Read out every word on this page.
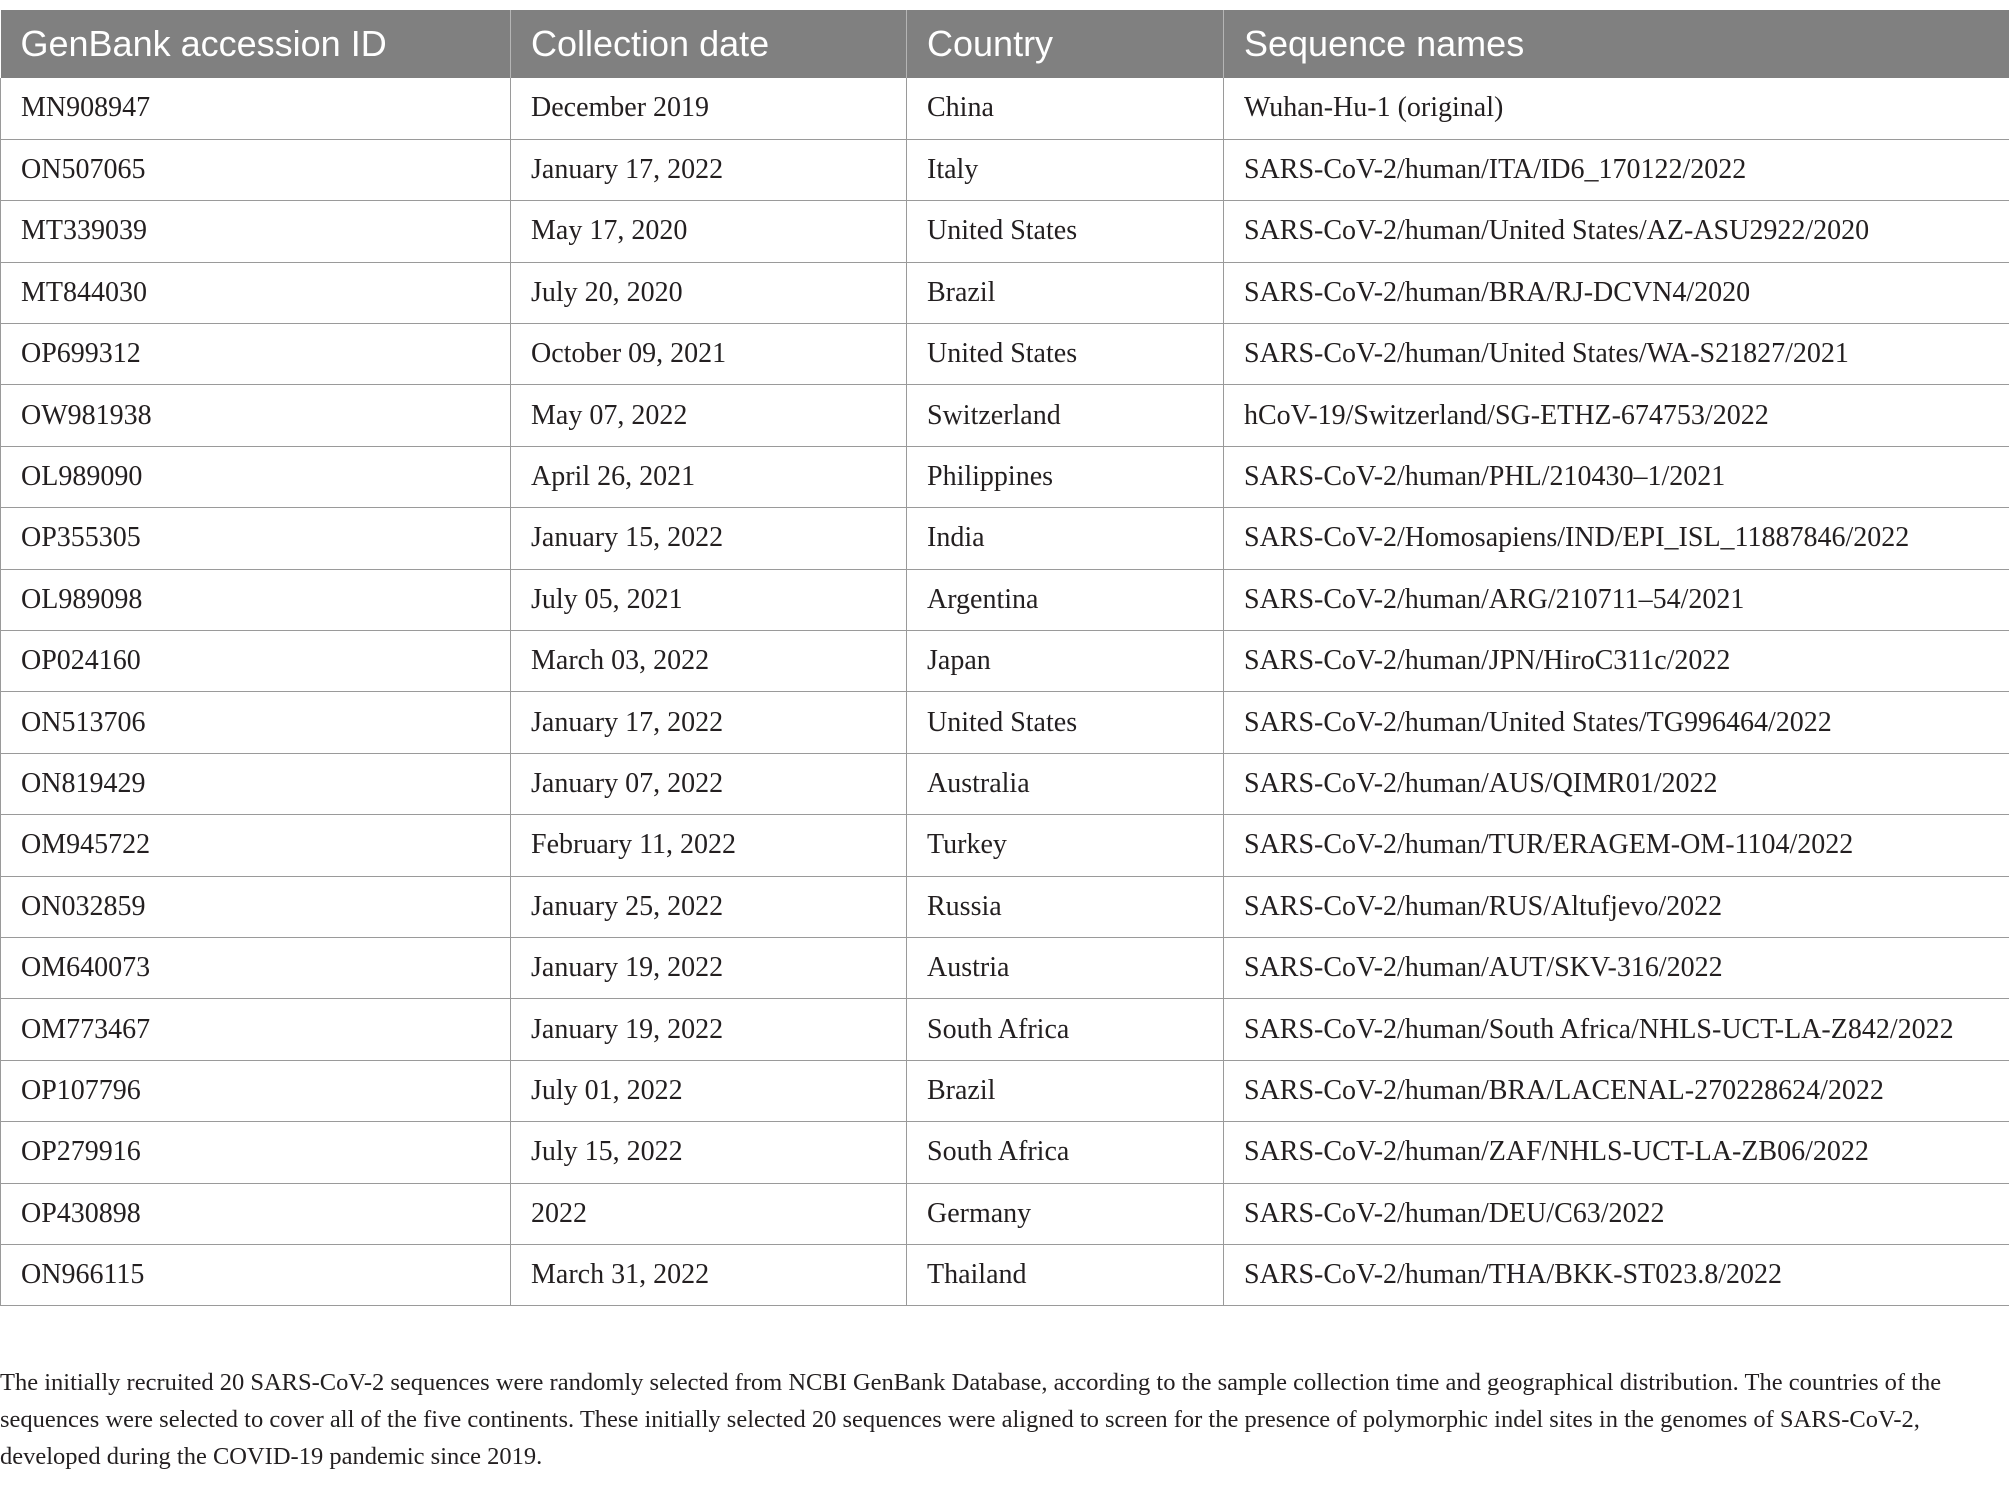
GenBank accession ID	Collection date	Country	Sequence names
MN908947	December 2019	China	Wuhan-Hu-1 (original)
ON507065	January 17, 2022	Italy	SARS-CoV-2/human/ITA/ID6_170122/2022
MT339039	May 17, 2020	United States	SARS-CoV-2/human/United States/AZ-ASU2922/2020
MT844030	July 20, 2020	Brazil	SARS-CoV-2/human/BRA/RJ-DCVN4/2020
OP699312	October 09, 2021	United States	SARS-CoV-2/human/United States/WA-S21827/2021
OW981938	May 07, 2022	Switzerland	hCoV-19/Switzerland/SG-ETHZ-674753/2022
OL989090	April 26, 2021	Philippines	SARS-CoV-2/human/PHL/210430–1/2021
OP355305	January 15, 2022	India	SARS-CoV-2/Homosapiens/IND/EPI_ISL_11887846/2022
OL989098	July 05, 2021	Argentina	SARS-CoV-2/human/ARG/210711–54/2021
OP024160	March 03, 2022	Japan	SARS-CoV-2/human/JPN/HiroC311c/2022
ON513706	January 17, 2022	United States	SARS-CoV-2/human/United States/TG996464/2022
ON819429	January 07, 2022	Australia	SARS-CoV-2/human/AUS/QIMR01/2022
OM945722	February 11, 2022	Turkey	SARS-CoV-2/human/TUR/ERAGEM-OM-1104/2022
ON032859	January 25, 2022	Russia	SARS-CoV-2/human/RUS/Altufjevo/2022
OM640073	January 19, 2022	Austria	SARS-CoV-2/human/AUT/SKV-316/2022
OM773467	January 19, 2022	South Africa	SARS-CoV-2/human/South Africa/NHLS-UCT-LA-Z842/2022
OP107796	July 01, 2022	Brazil	SARS-CoV-2/human/BRA/LACENAL-270228624/2022
OP279916	July 15, 2022	South Africa	SARS-CoV-2/human/ZAF/NHLS-UCT-LA-ZB06/2022
OP430898	2022	Germany	SARS-CoV-2/human/DEU/C63/2022
ON966115	March 31, 2022	Thailand	SARS-CoV-2/human/THA/BKK-ST023.8/2022

The initially recruited 20 SARS-CoV-2 sequences were randomly selected from NCBI GenBank Database, according to the sample collection time and geographical distribution. The countries of the sequences were selected to cover all of the five continents. These initially selected 20 sequences were aligned to screen for the presence of polymorphic indel sites in the genomes of SARS-CoV-2, developed during the COVID-19 pandemic since 2019.
